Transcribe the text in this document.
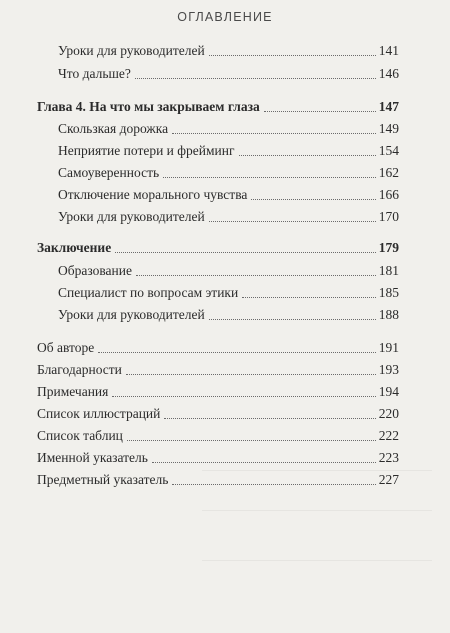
ОГЛАВЛЕНИЕ
Уроки для руководителей	141
Что дальше?	146
Глава 4. На что мы закрываем глаза	147
Скользкая дорожка	149
Неприятие потери и фрейминг	154
Самоуверенность	162
Отключение морального чувства	166
Уроки для руководителей	170
Заключение	179
Образование	181
Специалист по вопросам этики	185
Уроки для руководителей	188
Об авторе	191
Благодарности	193
Примечания	194
Список иллюстраций	220
Список таблиц	222
Именной указатель	223
Предметный указатель	227
